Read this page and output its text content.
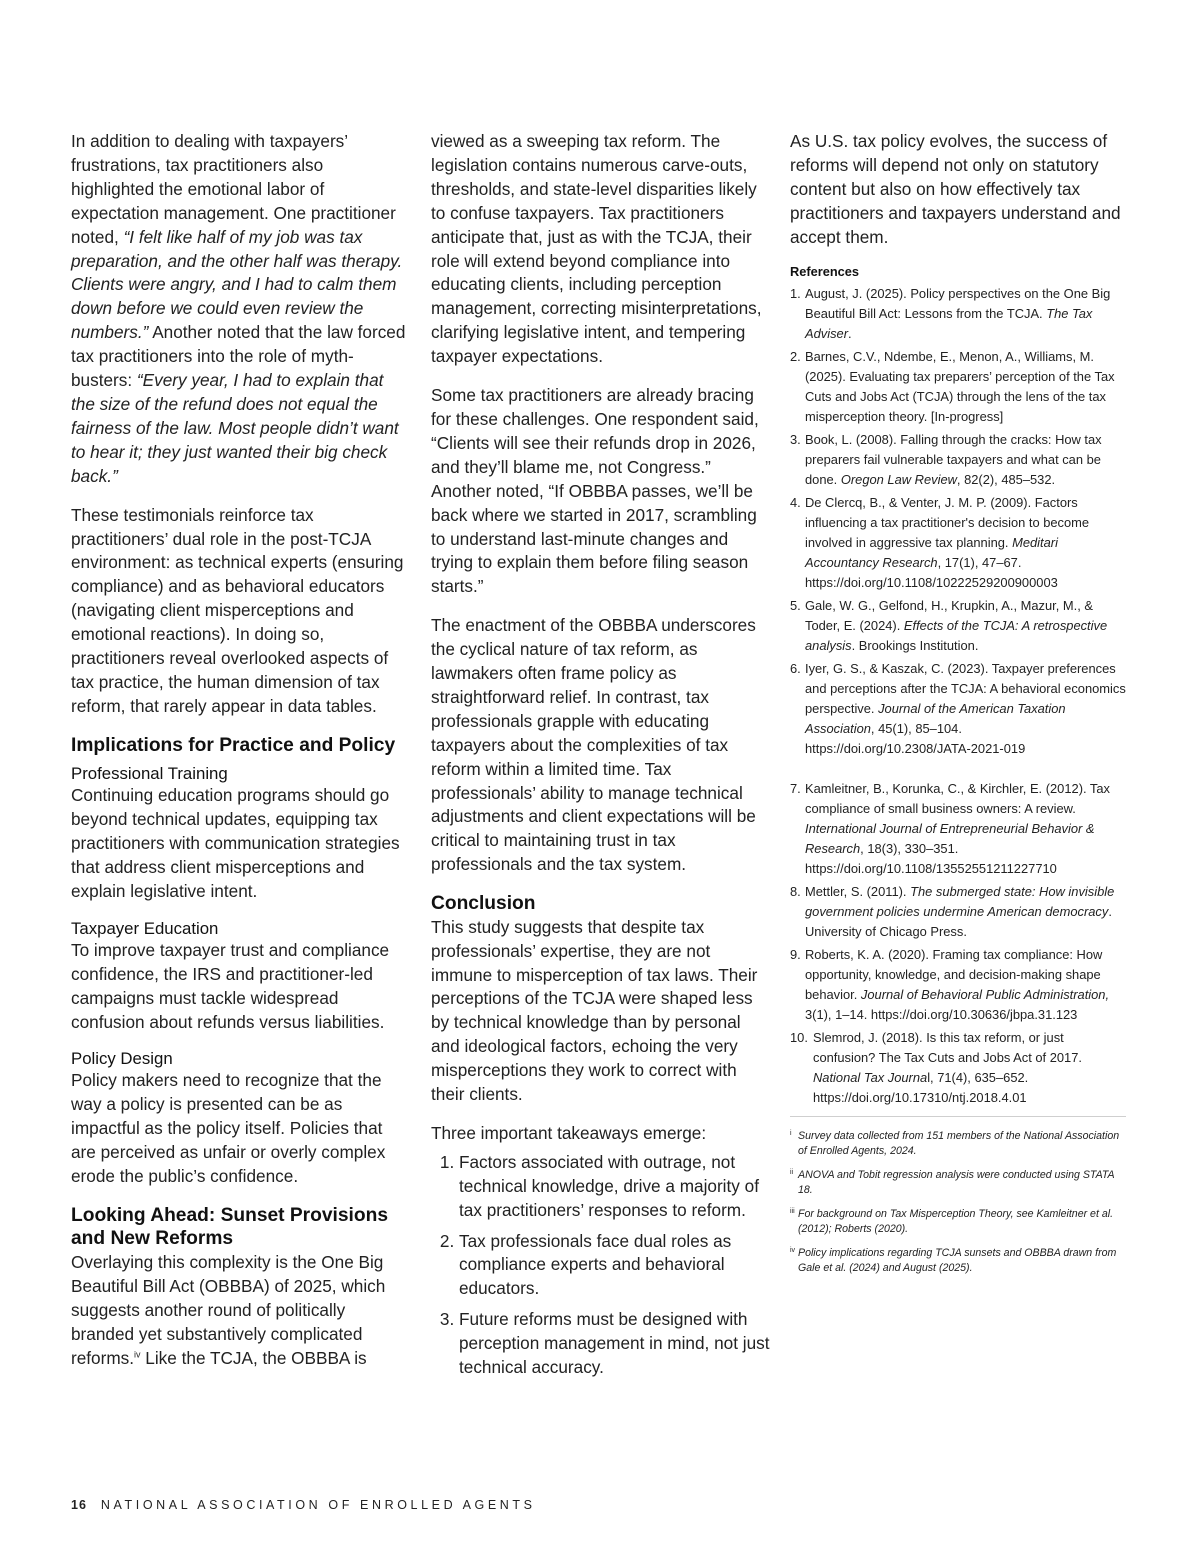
In addition to dealing with taxpayers’ frustrations, tax practitioners also highlighted the emotional labor of expectation management. One practitioner noted, “I felt like half of my job was tax preparation, and the other half was therapy. Clients were angry, and I had to calm them down before we could even review the numbers.” Another noted that the law forced tax practitioners into the role of myth-busters: “Every year, I had to explain that the size of the refund does not equal the fairness of the law. Most people didn’t want to hear it; they just wanted their big check back.”

These testimonials reinforce tax practitioners’ dual role in the post-TCJA environment: as technical experts (ensuring compliance) and as behavioral educators (navigating client misperceptions and emotional reactions). In doing so, practitioners reveal overlooked aspects of tax practice, the human dimension of tax reform, that rarely appear in data tables.

Implications for Practice and Policy
Professional Training

Continuing education programs should go beyond technical updates, equipping tax practitioners with communication strategies that address client misperceptions and explain legislative intent.

Taxpayer Education

To improve taxpayer trust and compliance confidence, the IRS and practitioner-led campaigns must tackle widespread confusion about refunds versus liabilities.

Policy Design

Policy makers need to recognize that the way a policy is presented can be as impactful as the policy itself. Policies that are perceived as unfair or overly complex erode the public’s confidence.

Looking Ahead: Sunset Provisions and New Reforms

Overlaying this complexity is the One Big Beautiful Bill Act (OBBBA) of 2025, which suggests another round of politically branded yet substantively complicated reforms.$^{iv}$ Like the TCJA, the OBBBA is

viewed as a sweeping tax reform. The legislation contains numerous carve-outs, thresholds, and state-level disparities likely to confuse taxpayers. Tax practitioners anticipate that, just as with the TCJA, their role will extend beyond compliance into educating clients, including perception management, correcting misinterpretations, clarifying legislative intent, and tempering taxpayer expectations.

Some tax practitioners are already bracing for these challenges. One respondent said, “Clients will see their refunds drop in 2026, and they’ll blame me, not Congress.” Another noted, “If OBBBA passes, we’ll be back where we started in 2017, scrambling to understand last-minute changes and trying to explain them before filing season starts.”

The enactment of the OBBBA underscores the cyclical nature of tax reform, as lawmakers often frame policy as straightforward relief. In contrast, tax professionals grapple with educating taxpayers about the complexities of tax reform within a limited time. Tax professionals’ ability to manage technical adjustments and client expectations will be critical to maintaining trust in tax professionals and the tax system.

Conclusion

This study suggests that despite tax professionals’ expertise, they are not immune to misperception of tax laws. Their perceptions of the TCJA were shaped less by technical knowledge than by personal and ideological factors, echoing the very misperceptions they work to correct with their clients.

Three important takeaways emerge:

1. Factors associated with outrage, not technical knowledge, drive a majority of tax practitioners’ responses to reform.
2. Tax professionals face dual roles as compliance experts and behavioral educators.
3. Future reforms must be designed with perception management in mind, not just technical accuracy.

As U.S. tax policy evolves, the success of reforms will depend not only on statutory content but also on how effectively tax practitioners and taxpayers understand and accept them.

References
1. August, J. (2025). Policy perspectives on the One Big Beautiful Bill Act: Lessons from the TCJA. The Tax Adviser.
2. Barnes, C.V., Ndembe, E., Menon, A., Williams, M. (2025). Evaluating tax preparers’ perception of the Tax Cuts and Jobs Act (TCJA) through the lens of the tax misperception theory. [In-progress]
3. Book, L. (2008). Falling through the cracks: How tax preparers fail vulnerable taxpayers and what can be done. Oregon Law Review, 82(2), 485–532.
4. De Clercq, B., & Venter, J. M. P. (2009). Factors influencing a tax practitioner's decision to become involved in aggressive tax planning. Meditari Accountancy Research, 17(1), 47–67. https://doi.org/10.1108/10222529200900003
5. Gale, W. G., Gelfond, H., Krupkin, A., Mazur, M., & Toder, E. (2024). Effects of the TCJA: A retrospective analysis. Brookings Institution.
6. Iyer, G. S., & Kaszak, C. (2023). Taxpayer preferences and perceptions after the TCJA: A behavioral economics perspective. Journal of the American Taxation Association, 45(1), 85–104. https://doi.org/10.2308/JATA-2021-019
7. Kamleitner, B., Korunka, C., & Kirchler, E. (2012). Tax compliance of small business owners: A review. International Journal of Entrepreneurial Behavior & Research, 18(3), 330–351. https://doi.org/10.1108/13552551211227710
8. Mettler, S. (2011). The submerged state: How invisible government policies undermine American democracy. University of Chicago Press.
9. Roberts, K. A. (2020). Framing tax compliance: How opportunity, knowledge, and decision-making shape behavior. Journal of Behavioral Public Administration, 3(1), 1–14. https://doi.org/10.30636/jbpa.31.123
10. Slemrod, J. (2018). Is this tax reform, or just confusion? The Tax Cuts and Jobs Act of 2017. National Tax Journal, 71(4), 635–652. https://doi.org/10.17310/ntj.2018.4.01

i Survey data collected from 151 members of the National Association of Enrolled Agents, 2024.

ii ANOVA and Tobit regression analysis were conducted using STATA 18.

iii For background on Tax Misperception Theory, see Kamleitner et al. (2012); Roberts (2020).

iv Policy implications regarding TCJA sunsets and OBBBA drawn from Gale et al. (2024) and August (2025).

16 NATIONAL ASSOCIATION OF ENROLLED AGENTS
